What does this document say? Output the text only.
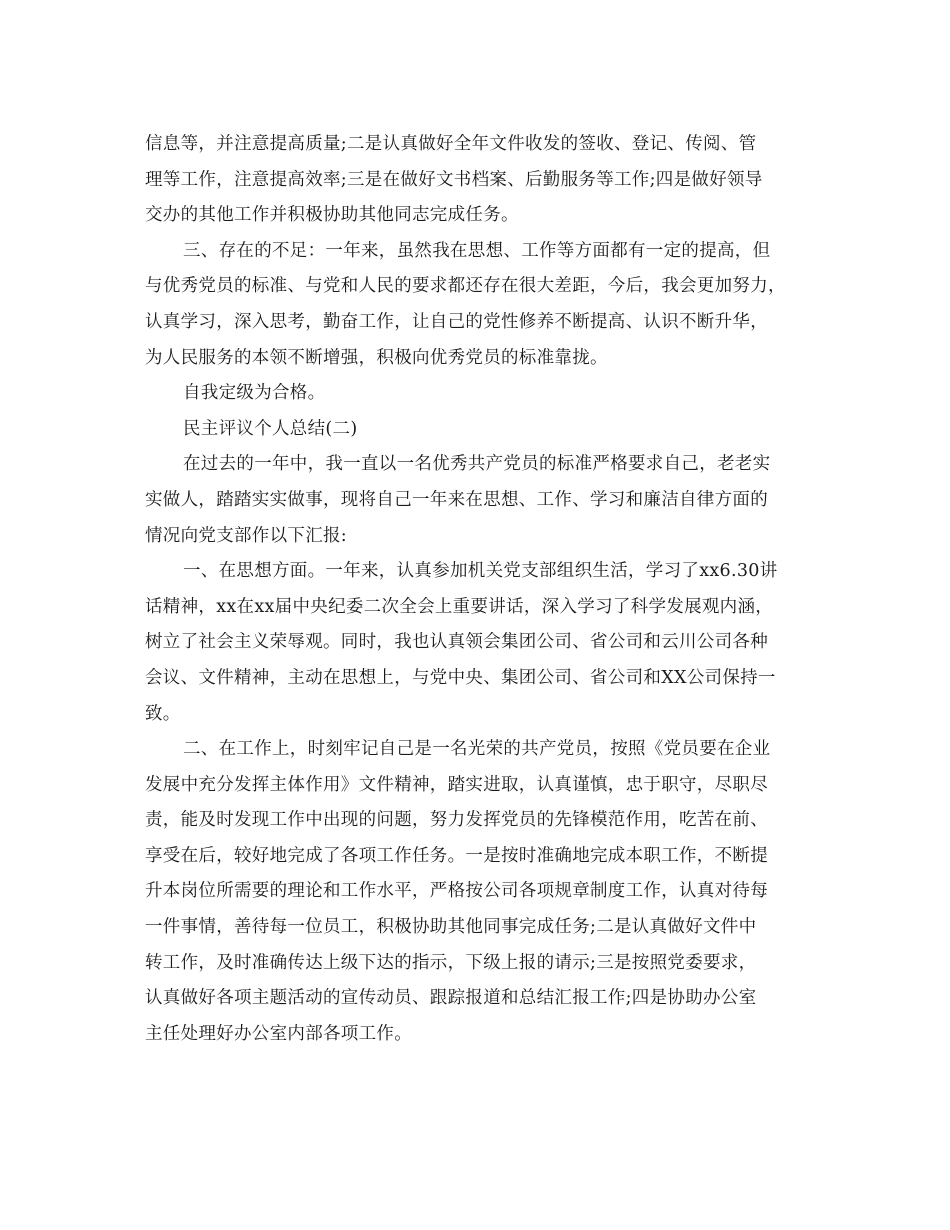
信息等，并注意提高质量;二是认真做好全年文件收发的签收、登记、传阅、管
理等工作，注意提高效率;三是在做好文书档案、后勤服务等工作;四是做好领导
交办的其他工作并积极协助其他同志完成任务。
三、存在的不足：一年来，虽然我在思想、工作等方面都有一定的提高，但
与优秀党员的标准、与党和人民的要求都还存在很大差距，今后，我会更加努力，
认真学习，深入思考，勤奋工作，让自己的党性修养不断提高、认识不断升华，
为人民服务的本领不断增强，积极向优秀党员的标准靠拢。
自我定级为合格。
民主评议个人总结(二)
在过去的一年中，我一直以一名优秀共产党员的标准严格要求自己，老老实
实做人，踏踏实实做事，现将自己一年来在思想、工作、学习和廉洁自律方面的
情况向党支部作以下汇报:
一、在思想方面。一年来，认真参加机关党支部组织生活，学习了xx6.30讲
话精神，xx在xx届中央纪委二次全会上重要讲话，深入学习了科学发展观内涵，
树立了社会主义荣辱观。同时，我也认真领会集团公司、省公司和云川公司各种
会议、文件精神，主动在思想上，与党中央、集团公司、省公司和XX公司保持一
致。
二、在工作上，时刻牢记自己是一名光荣的共产党员，按照《党员要在企业
发展中充分发挥主体作用》文件精神，踏实进取，认真谨慎，忠于职守，尽职尽
责，能及时发现工作中出现的问题，努力发挥党员的先锋模范作用，吃苦在前、
享受在后，较好地完成了各项工作任务。一是按时准确地完成本职工作，不断提
升本岗位所需要的理论和工作水平，严格按公司各项规章制度工作，认真对待每
一件事情，善待每一位员工，积极协助其他同事完成任务;二是认真做好文件中
转工作，及时准确传达上级下达的指示，下级上报的请示;三是按照党委要求，
认真做好各项主题活动的宣传动员、跟踪报道和总结汇报工作;四是协助办公室
主任处理好办公室内部各项工作。
